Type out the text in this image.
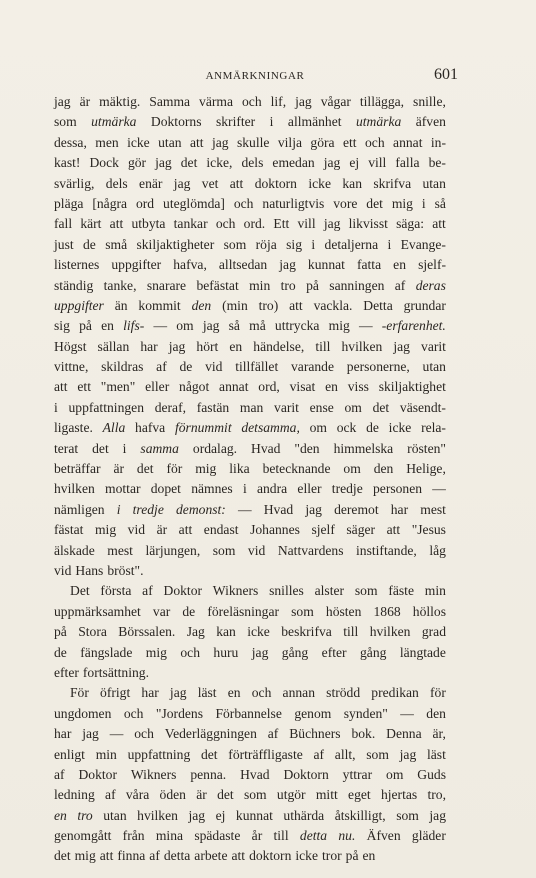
ANMÄRKNINGAR	601
jag är mäktig. Samma värma och lif, jag vågar tillägga, snille,
som utmärka Doktorns skrifter i allmänhet utmärka äfven
dessa, men icke utan att jag skulle vilja göra ett och annat in-
kast! Dock gör jag det icke, dels emedan jag ej vill falla be-
svärlig, dels enär jag vet att doktorn icke kan skrifva utan
pläga [några ord uteglömda] och naturligtvis vore det mig i så
fall kärt att utbyta tankar och ord. Ett vill jag likvisst säga: att
just de små skiljaktigheter som röja sig i detaljerna i Evange-
listernes uppgifter hafva, alltsedan jag kunnat fatta en sjelf-
ständig tanke, snarare befästat min tro på sanningen af deras
uppgifter än kommit den (min tro) att vackla. Detta grundar
sig på en lifs- — om jag så må uttrycka mig — -erfarenhet.
Högst sällan har jag hört en händelse, till hvilken jag varit
vittne, skildras af de vid tillfället varande personerne, utan
att ett "men" eller något annat ord, visat en viss skiljaktighet
i uppfattningen deraf, fastän man varit ense om det väsendt-
ligaste. Alla hafva förnummit detsamma, om ock de icke rela-
terat det i samma ordalag. Hvad "den himmelska rösten"
beträffar är det för mig lika betecknande om den Helige,
hvilken mottar dopet nämnes i andra eller tredje personen —
nämligen i tredje demonst: — Hvad jag deremot har mest
fästat mig vid är att endast Johannes sjelf säger att "Jesus
älskade mest lärjungen, som vid Nattvardens instiftande, låg
vid Hans bröst".
Det första af Doktor Wikners snilles alster som fäste min
uppmärksamhet var de föreläsningar som hösten 1868 höllos
på Stora Börssalen. Jag kan icke beskrifva till hvilken grad
de fängslade mig och huru jag gång efter gång längtade
efter fortsättning.
För öfrigt har jag läst en och annan strödd predikan för
ungdomen och "Jordens Förbannelse genom synden" — den
har jag — och Vederläggningen af Büchners bok. Denna är,
enligt min uppfattning det förträffligaste af allt, som jag läst
af Doktor Wikners penna. Hvad Doktorn yttrar om Guds
ledning af våra öden är det som utgör mitt eget hjertas tro,
en tro utan hvilken jag ej kunnat uthärda åtskilligt, som jag
genomgått från mina spädaste år till detta nu. Äfven gläder
det mig att finna af detta arbete att doktorn icke tror på en
